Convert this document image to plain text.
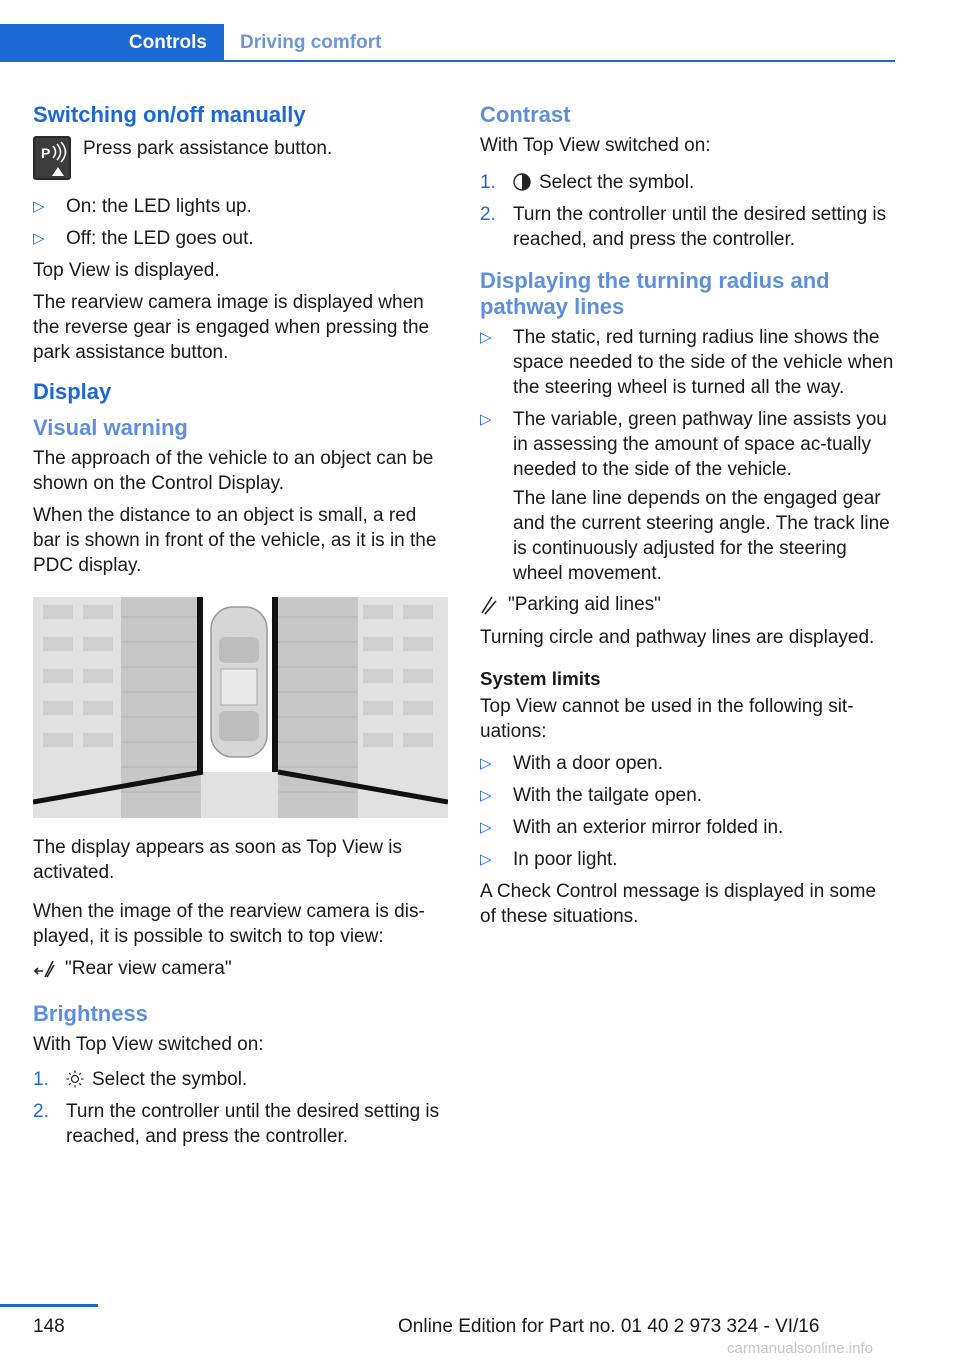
Controls	Driving comfort
Switching on/off manually
P Press park assistance button.
▷ On: the LED lights up.
▷ Off: the LED goes out.

Top View is displayed.

The rearview camera image is displayed when the reverse gear is engaged when pressing the park assistance button.

Display
Visual warning

The approach of the vehicle to an object can be shown on the Control Display.

When the distance to an object is small, a red bar is shown in front of the vehicle, as it is in the PDC display.

The display appears as soon as Top View is activated.

When the image of the rearview camera is dis‐played, it is possible to switch to top view:

"Rear view camera"
Brightness

With Top View switched on:

1. Select the symbol.
2. Turn the controller until the desired setting is reached, and press the controller.
Contrast

With Top View switched on:

1. Select the symbol.
2. Turn the controller until the desired setting is reached, and press the controller.
Displaying the turning radius and pathway lines
▷ The static, red turning radius line shows the space needed to the side of the vehicle when the steering wheel is turned all the way.
▷ The variable, green pathway line assists you in assessing the amount of space ac‐tually needed to the side of the vehicle.

The lane line depends on the engaged gear and the current steering angle. The track line is continuously adjusted for the steering wheel movement.

"Parking aid lines"

Turning circle and pathway lines are displayed.

System limits

Top View cannot be used in the following sit‐uations:

▷ With a door open.
▷ With the tailgate open.
▷ With an exterior mirror folded in.
▷ In poor light.

A Check Control message is displayed in some of these situations.

148	Online Edition for Part no. 01 40 2 973 324 - VI/16
carmanualsonline.info
